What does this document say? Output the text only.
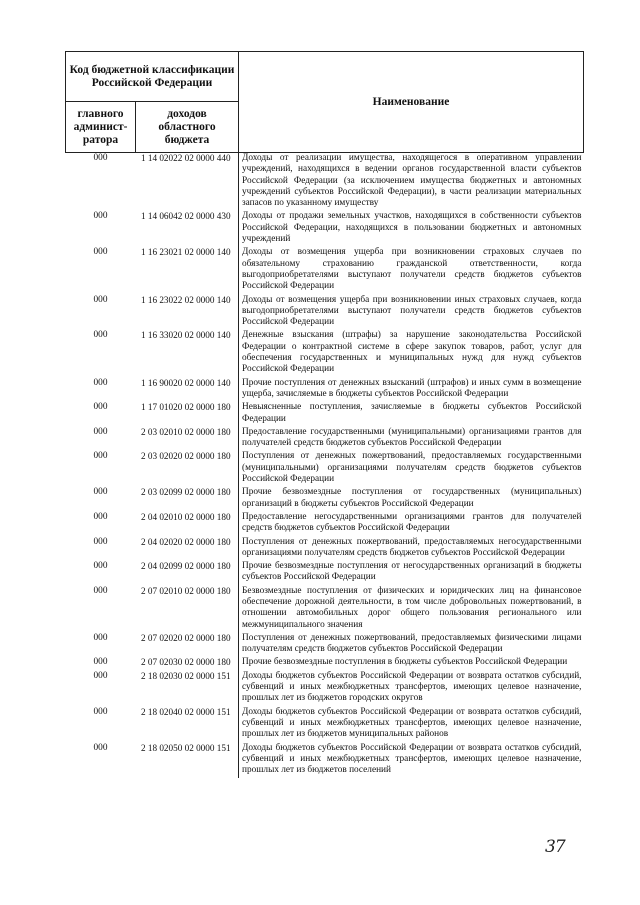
Код бюджетной классификации Российской Федерации		Наименование
главного админист-ратора	доходов областного бюджета	
000	1 14 02022 02 0000 440	Доходы от реализации имущества, находящегося в оперативном управлении учреждений, находящихся в ведении органов государственной власти субъектов Российской Федерации (за исключением имущества бюджетных и автономных учреждений субъектов Российской Федерации), в части реализации материальных запасов по указанному имуществу
000	1 14 06042 02 0000 430	Доходы от продажи земельных участков, находящихся в собственности субъектов Российской Федерации, находящихся в пользовании бюджетных и автономных учреждений
000	1 16 23021 02 0000 140	Доходы от возмещения ущерба при возникновении страховых случаев по обязательному страхованию гражданской ответственности, когда выгодоприобретателями выступают получатели средств бюджетов субъектов Российской Федерации
000	1 16 23022 02 0000 140	Доходы от возмещения ущерба при возникновении иных страховых случаев, когда выгодоприобретателями выступают получатели средств бюджетов субъектов Российской Федерации
000	1 16 33020 02 0000 140	Денежные взыскания (штрафы) за нарушение законодательства Российской Федерации о контрактной системе в сфере закупок товаров, работ, услуг для обеспечения государственных и муниципальных нужд для нужд субъектов Российской Федерации
000	1 16 90020 02 0000 140	Прочие поступления от денежных взысканий (штрафов) и иных сумм в возмещение ущерба, зачисляемые в бюджеты субъектов Российской Федерации
000	1 17 01020 02 0000 180	Невыясненные поступления, зачисляемые в бюджеты субъектов Российской Федерации
000	2 03 02010 02 0000 180	Предоставление государственными (муниципальными) организациями грантов для получателей средств бюджетов субъектов Российской Федерации
000	2 03 02020 02 0000 180	Поступления от денежных пожертвований, предоставляемых государственными (муниципальными) организациями получателям средств бюджетов субъектов Российской Федерации
000	2 03 02099 02 0000 180	Прочие безвозмездные поступления от государственных (муниципальных) организаций в бюджеты субъектов Российской Федерации
000	2 04 02010 02 0000 180	Предоставление негосударственными организациями грантов для получателей средств бюджетов субъектов Российской Федерации
000	2 04 02020 02 0000 180	Поступления от денежных пожертвований, предоставляемых негосударственными организациями получателям средств бюджетов субъектов Российской Федерации
000	2 04 02099 02 0000 180	Прочие безвозмездные поступления от негосударственных организаций в бюджеты субъектов Российской Федерации
000	2 07 02010 02 0000 180	Безвозмездные поступления от физических и юридических лиц на финансовое обеспечение дорожной деятельности, в том числе добровольных пожертвований, в отношении автомобильных дорог общего пользования регионального или межмуниципального значения
000	2 07 02020 02 0000 180	Поступления от денежных пожертвований, предоставляемых физическими лицами получателям средств бюджетов субъектов Российской Федерации
000	2 07 02030 02 0000 180	Прочие безвозмездные поступления в бюджеты субъектов Российской Федерации
000	2 18 02030 02 0000 151	Доходы бюджетов субъектов Российской Федерации от возврата остатков субсидий, субвенций и иных межбюджетных трансфертов, имеющих целевое назначение, прошлых лет из бюджетов городских округов
000	2 18 02040 02 0000 151	Доходы бюджетов субъектов Российской Федерации от возврата остатков субсидий, субвенций и иных межбюджетных трансфертов, имеющих целевое назначение, прошлых лет из бюджетов муниципальных районов
000	2 18 02050 02 0000 151	Доходы бюджетов субъектов Российской Федерации от возврата остатков субсидий, субвенций и иных межбюджетных трансфертов, имеющих целевое назначение, прошлых лет из бюджетов поселений
37
